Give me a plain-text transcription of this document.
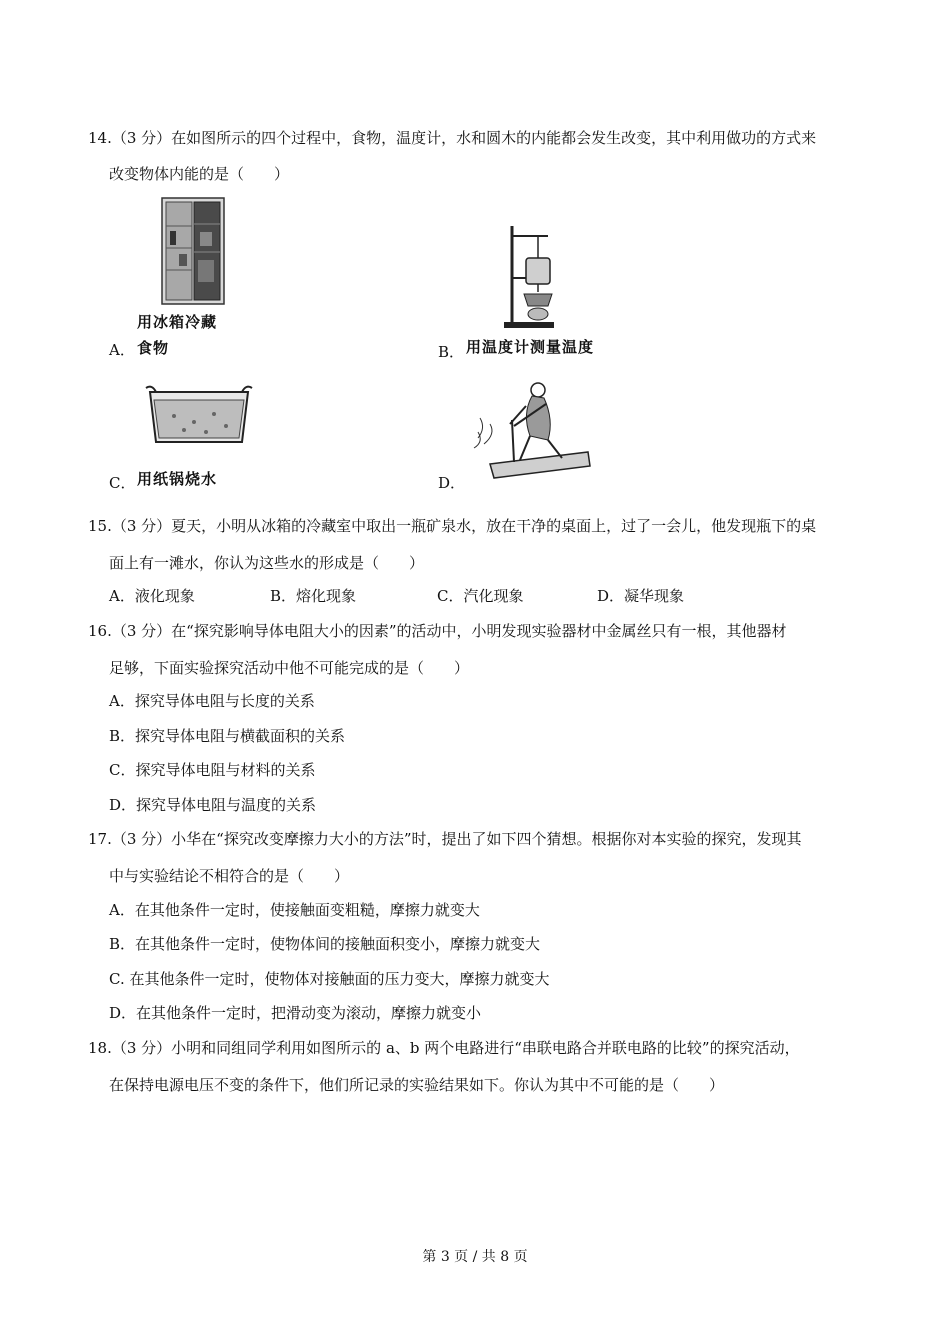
14.（3 分）在如图所示的四个过程中，食物，温度计，水和圆木的内能都会发生改变，其中利用做功的方式来
改变物体内能的是（　　）
用冰箱冷藏
A． 食物	B． 用温度计测量温度
C． 用纸锅烧水	D．
15.（3 分）夏天，小明从冰箱的冷藏室中取出一瓶矿泉水，放在干净的桌面上，过了一会儿，他发现瓶下的桌
面上有一滩水，你认为这些水的形成是（　　）
A．液化现象	B．熔化现象	C．汽化现象	D．凝华现象
16.（3 分）在“探究影响导体电阻大小的因素”的活动中，小明发现实验器材中金属丝只有一根，其他器材
足够，下面实验探究活动中他不可能完成的是（　　）
A．探究导体电阻与长度的关系
B．探究导体电阻与横截面积的关系
C．探究导体电阻与材料的关系
D．探究导体电阻与温度的关系
17.（3 分）小华在“探究改变摩擦力大小的方法”时，提出了如下四个猜想。根据你对本实验的探究，发现其
中与实验结论不相符合的是（　　）
A．在其他条件一定时，使接触面变粗糙，摩擦力就变大
B．在其他条件一定时，使物体间的接触面积变小，摩擦力就变大
C. 在其他条件一定时，使物体对接触面的压力变大，摩擦力就变大
D．在其他条件一定时，把滑动变为滚动，摩擦力就变小
18.（3 分）小明和同组同学利用如图所示的 a、b 两个电路进行“串联电路合并联电路的比较”的探究活动，
在保持电源电压不变的条件下，他们所记录的实验结果如下。你认为其中不可能的是（　　）
第 3 页 / 共 8 页
